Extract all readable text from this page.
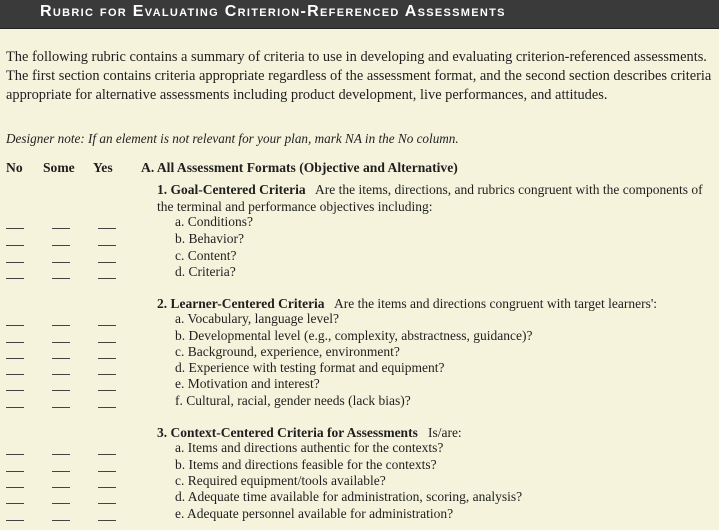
Rubric for Evaluating Criterion-Referenced Assessments
The following rubric contains a summary of criteria to use in developing and evaluating criterion-referenced assessments. The first section contains criteria appropriate regardless of the assessment format, and the second section describes criteria appropriate for alternative assessments including product development, live performances, and attitudes.
Designer note: If an element is not relevant for your plan, mark NA in the No column.
No Some Yes A. All Assessment Formats (Objective and Alternative)
1. Goal-Centered Criteria Are the items, directions, and rubrics congruent with the components of the terminal and performance objectives including:
a. Conditions?
b. Behavior?
c. Content?
d. Criteria?
2. Learner-Centered Criteria Are the items and directions congruent with target learners':
a. Vocabulary, language level?
b. Developmental level (e.g., complexity, abstractness, guidance)?
c. Background, experience, environment?
d. Experience with testing format and equipment?
e. Motivation and interest?
f. Cultural, racial, gender needs (lack bias)?
3. Context-Centered Criteria for Assessments Is/are:
a. Items and directions authentic for the contexts?
b. Items and directions feasible for the contexts?
c. Required equipment/tools available?
d. Adequate time available for administration, scoring, analysis?
e. Adequate personnel available for administration?
